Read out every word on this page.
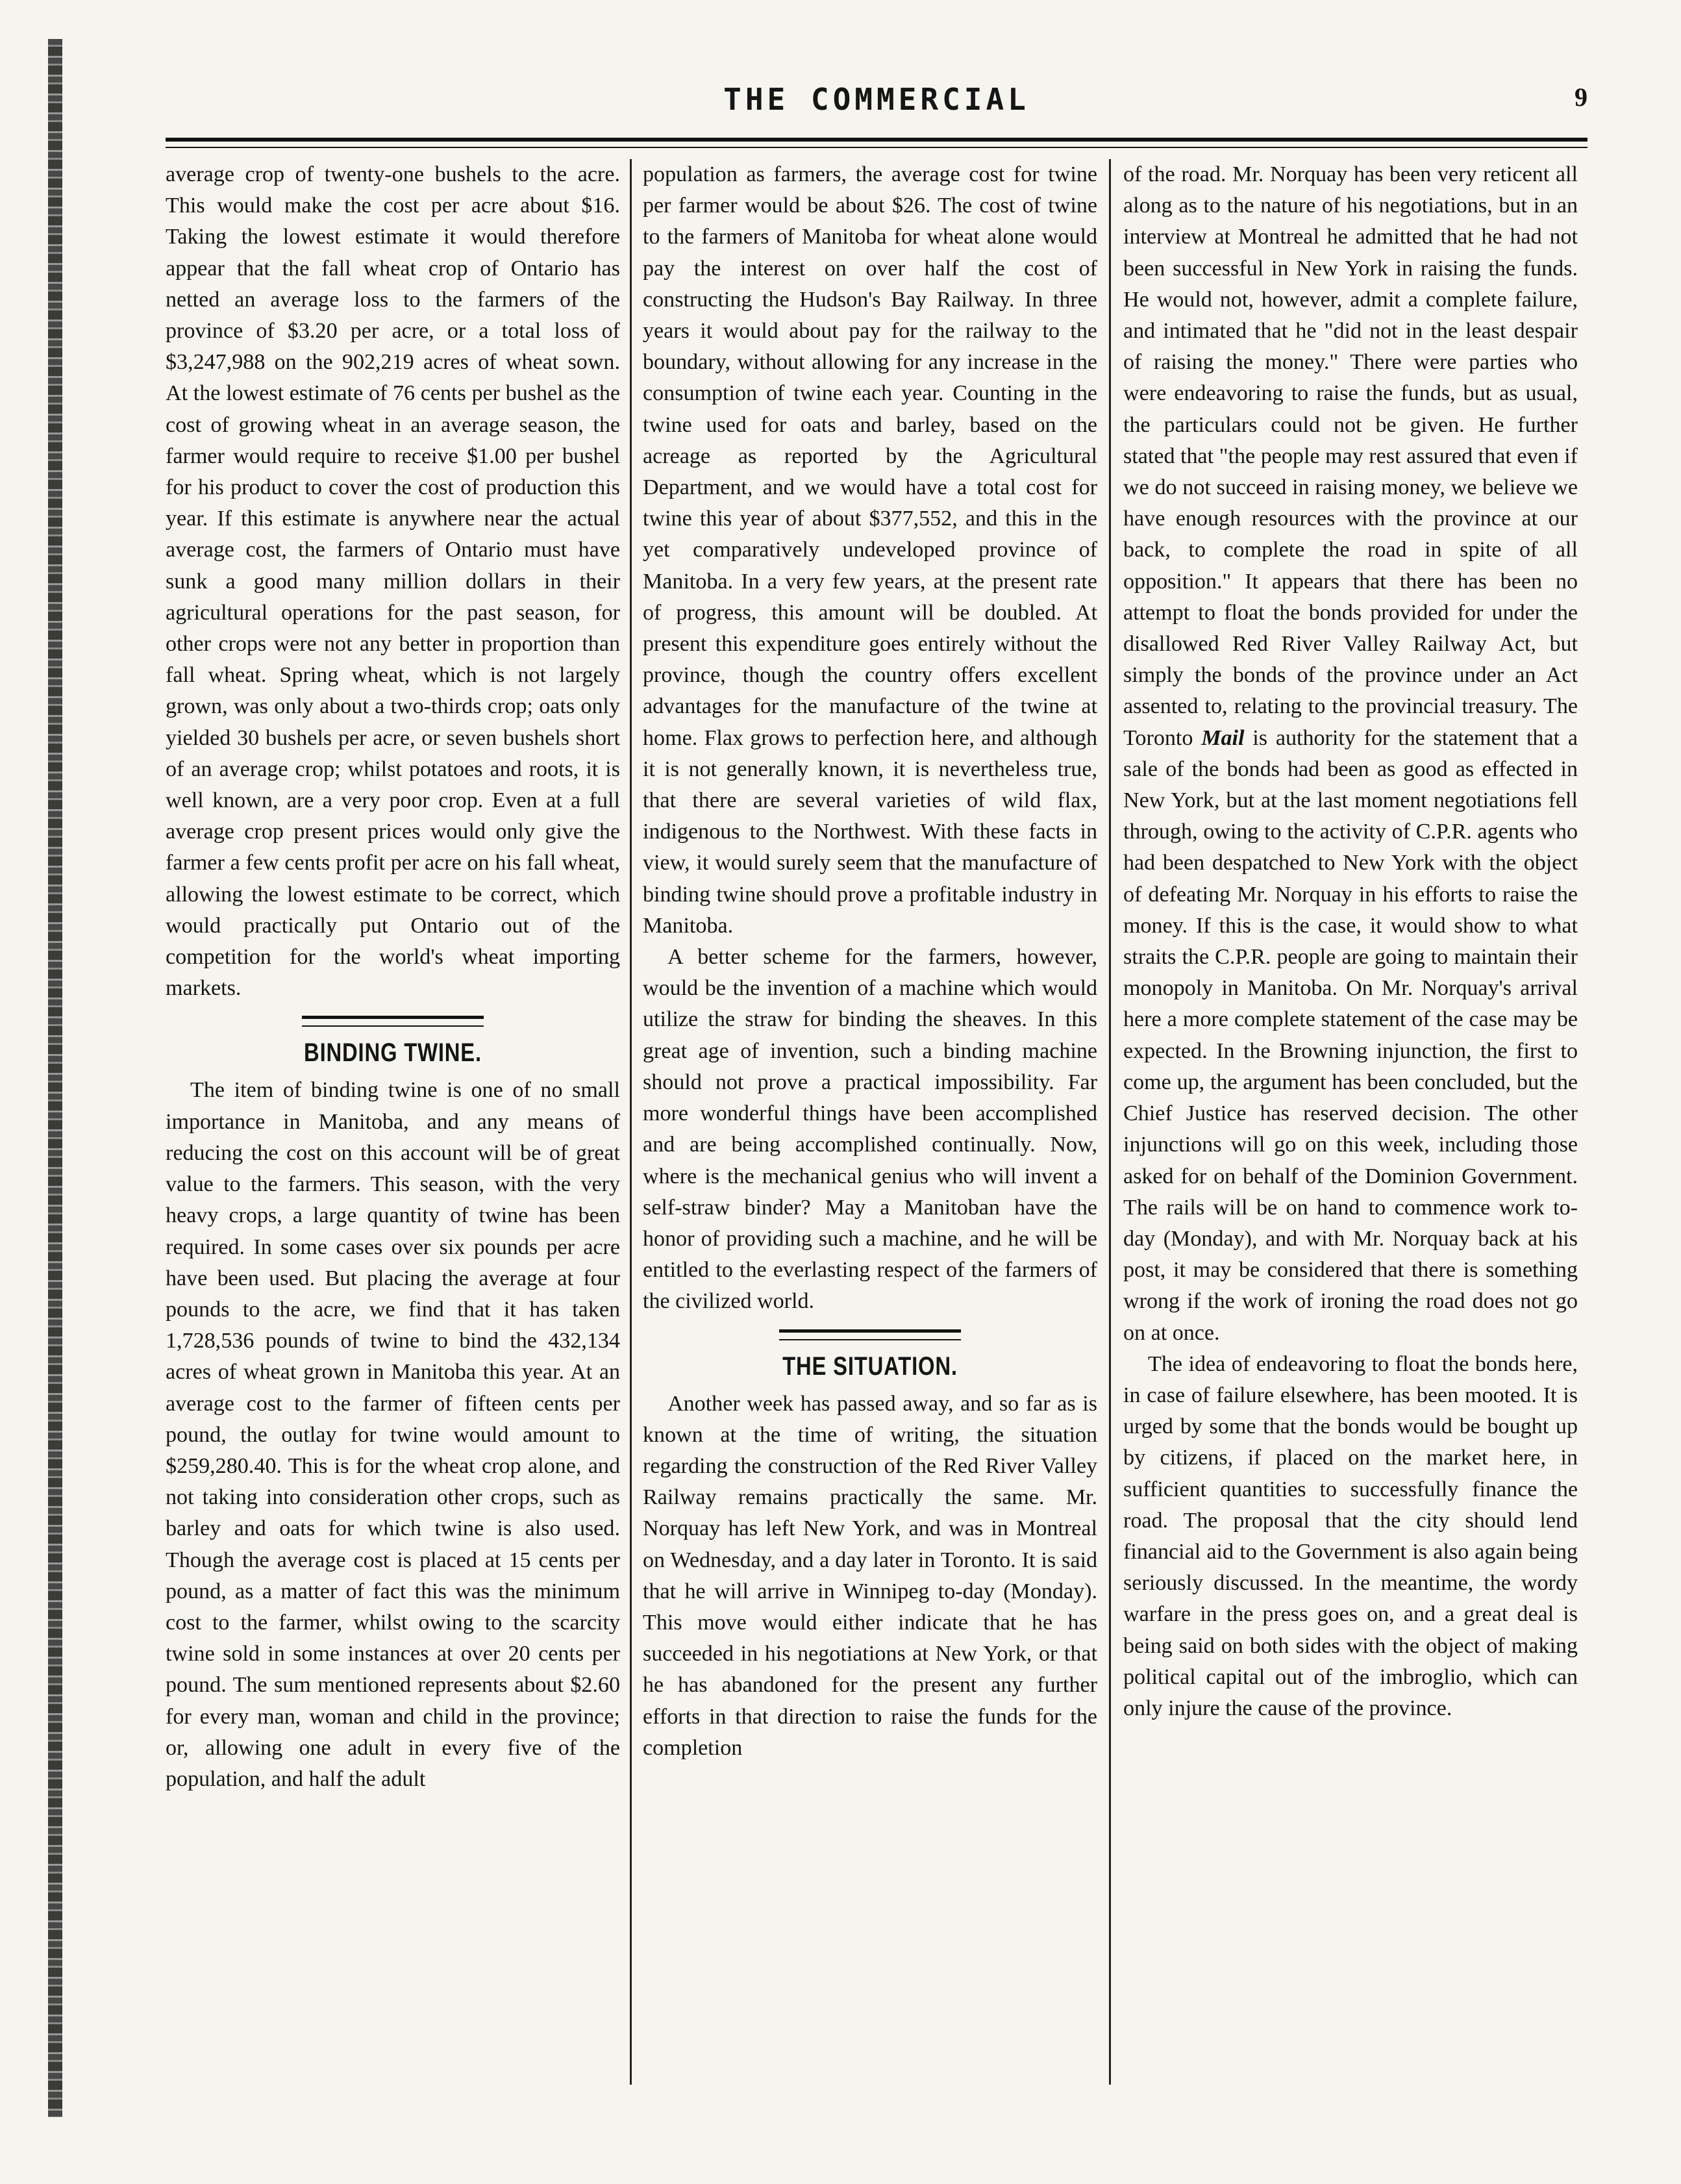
THE COMMERCIAL	9

average crop of twenty-one bushels to the acre. This would make the cost per acre about $16. Taking the lowest estimate it would therefore appear that the fall wheat crop of Ontario has netted an average loss to the farmers of the province of $3.20 per acre, or a total loss of $3,247,988 on the 902,219 acres of wheat sown. At the lowest estimate of 76 cents per bushel as the cost of growing wheat in an average season, the farmer would require to receive $1.00 per bushel for his product to cover the cost of production this year. If this estimate is anywhere near the actual average cost, the farmers of Ontario must have sunk a good many million dollars in their agricultural operations for the past season, for other crops were not any better in proportion than fall wheat. Spring wheat, which is not largely grown, was only about a two-thirds crop; oats only yielded 30 bushels per acre, or seven bushels short of an average crop; whilst potatoes and roots, it is well known, are a very poor crop. Even at a full average crop present prices would only give the farmer a few cents profit per acre on his fall wheat, allowing the lowest estimate to be correct, which would practically put Ontario out of the competition for the world's wheat importing markets.

BINDING TWINE.

The item of binding twine is one of no small importance in Manitoba, and any means of reducing the cost on this account will be of great value to the farmers. This season, with the very heavy crops, a large quantity of twine has been required. In some cases over six pounds per acre have been used. But placing the average at four pounds to the acre, we find that it has taken 1,728,536 pounds of twine to bind the 432,134 acres of wheat grown in Manitoba this year. At an average cost to the farmer of fifteen cents per pound, the outlay for twine would amount to $259,280.40. This is for the wheat crop alone, and not taking into consideration other crops, such as barley and oats for which twine is also used. Though the average cost is placed at 15 cents per pound, as a matter of fact this was the minimum cost to the farmer, whilst owing to the scarcity twine sold in some instances at over 20 cents per pound. The sum mentioned represents about $2.60 for every man, woman and child in the province; or, allowing one adult in every five of the population, and half the adult

population as farmers, the average cost for twine per farmer would be about $26. The cost of twine to the farmers of Manitoba for wheat alone would pay the interest on over half the cost of constructing the Hudson's Bay Railway. In three years it would about pay for the railway to the boundary, without allowing for any increase in the consumption of twine each year. Counting in the twine used for oats and barley, based on the acreage as reported by the Agricultural Department, and we would have a total cost for twine this year of about $377,552, and this in the yet comparatively undeveloped province of Manitoba. In a very few years, at the present rate of progress, this amount will be doubled. At present this expenditure goes entirely without the province, though the country offers excellent advantages for the manufacture of the twine at home. Flax grows to perfection here, and although it is not generally known, it is nevertheless true, that there are several varieties of wild flax, indigenous to the Northwest. With these facts in view, it would surely seem that the manufacture of binding twine should prove a profitable industry in Manitoba.

A better scheme for the farmers, however, would be the invention of a machine which would utilize the straw for binding the sheaves. In this great age of invention, such a binding machine should not prove a practical impossibility. Far more wonderful things have been accomplished and are being accomplished continually. Now, where is the mechanical genius who will invent a self-straw binder? May a Manitoban have the honor of providing such a machine, and he will be entitled to the everlasting respect of the farmers of the civilized world.

THE SITUATION.

Another week has passed away, and so far as is known at the time of writing, the situation regarding the construction of the Red River Valley Railway remains practically the same. Mr. Norquay has left New York, and was in Montreal on Wednesday, and a day later in Toronto. It is said that he will arrive in Winnipeg to-day (Monday). This move would either indicate that he has succeeded in his negotiations at New York, or that he has abandoned for the present any further efforts in that direction to raise the funds for the completion

of the road. Mr. Norquay has been very reticent all along as to the nature of his negotiations, but in an interview at Montreal he admitted that he had not been successful in New York in raising the funds. He would not, however, admit a complete failure, and intimated that he "did not in the least despair of raising the money." There were parties who were endeavoring to raise the funds, but as usual, the particulars could not be given. He further stated that "the people may rest assured that even if we do not succeed in raising money, we believe we have enough resources with the province at our back, to complete the road in spite of all opposition." It appears that there has been no attempt to float the bonds provided for under the disallowed Red River Valley Railway Act, but simply the bonds of the province under an Act assented to, relating to the provincial treasury. The Toronto Mail is authority for the statement that a sale of the bonds had been as good as effected in New York, but at the last moment negotiations fell through, owing to the activity of C.P.R. agents who had been despatched to New York with the object of defeating Mr. Norquay in his efforts to raise the money. If this is the case, it would show to what straits the C.P.R. people are going to maintain their monopoly in Manitoba. On Mr. Norquay's arrival here a more complete statement of the case may be expected. In the Browning injunction, the first to come up, the argument has been concluded, but the Chief Justice has reserved decision. The other injunctions will go on this week, including those asked for on behalf of the Dominion Government. The rails will be on hand to commence work to-day (Monday), and with Mr. Norquay back at his post, it may be considered that there is something wrong if the work of ironing the road does not go on at once.

The idea of endeavoring to float the bonds here, in case of failure elsewhere, has been mooted. It is urged by some that the bonds would be bought up by citizens, if placed on the market here, in sufficient quantities to successfully finance the road. The proposal that the city should lend financial aid to the Government is also again being seriously discussed. In the meantime, the wordy warfare in the press goes on, and a great deal is being said on both sides with the object of making political capital out of the imbroglio, which can only injure the cause of the province.
